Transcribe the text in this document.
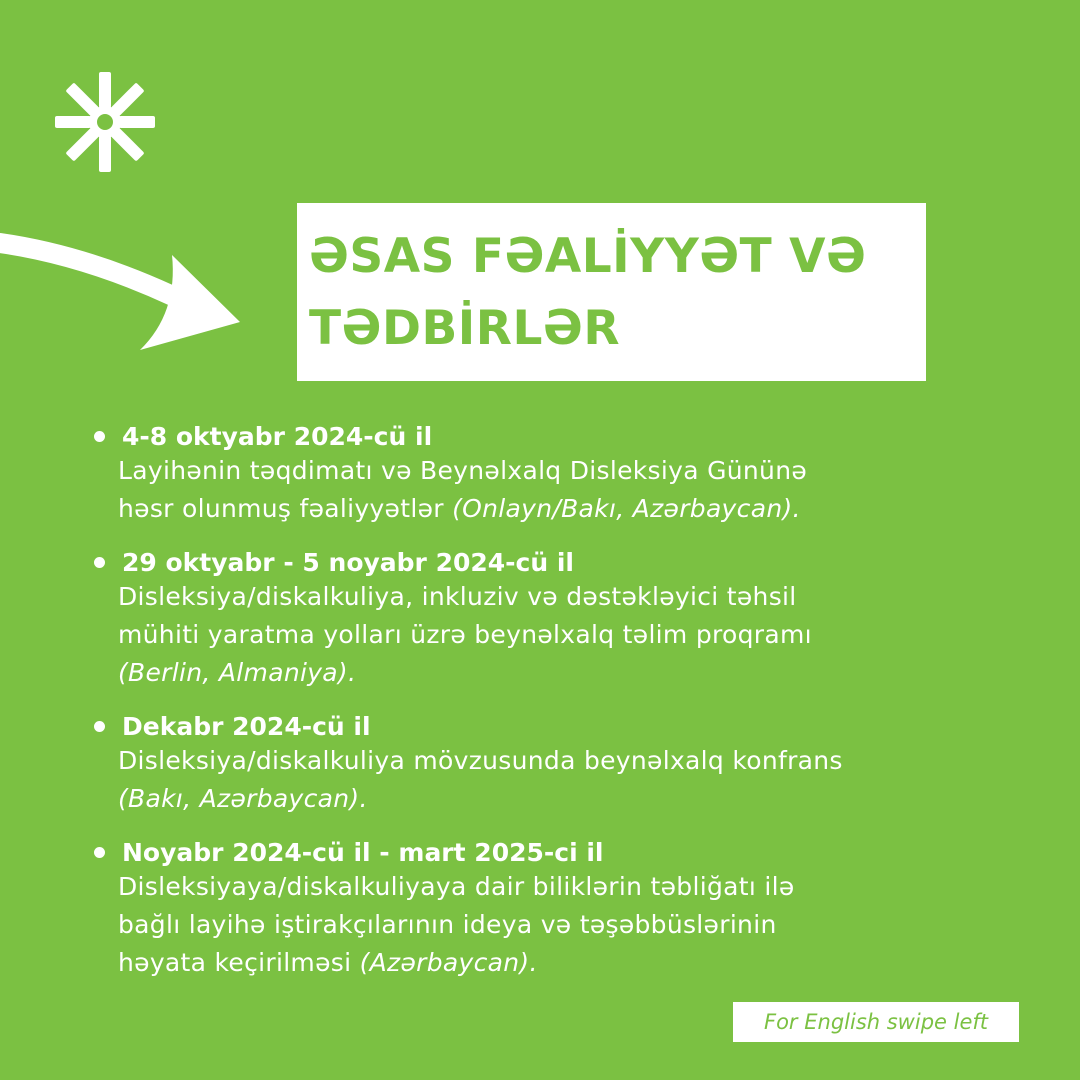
ƏSAS FƏALİYYƏT VƏ
TƏDBİRLƏR
4-8 oktyabr 2024-cü il
Layihənin təqdimatı və Beynəlxalq Disleksiya Gününə
həsr olunmuş fəaliyyətlər (Onlayn/Bakı, Azərbaycan).
29 oktyabr - 5 noyabr 2024-cü il
Disleksiya/diskalkuliya, inkluziv və dəstəkləyici təhsil
mühiti yaratma yolları üzrə beynəlxalq təlim proqramı
(Berlin, Almaniya).
Dekabr 2024-cü il
Disleksiya/diskalkuliya mövzusunda beynəlxalq konfrans
(Bakı, Azərbaycan).
Noyabr 2024-cü il - mart 2025-ci il
Disleksiyaya/diskalkuliyaya dair biliklərin təbliğatı ilə
bağlı layihə iştirakçılarının ideya və təşəbbüslərinin
həyata keçirilməsi (Azərbaycan).
For English swipe left
